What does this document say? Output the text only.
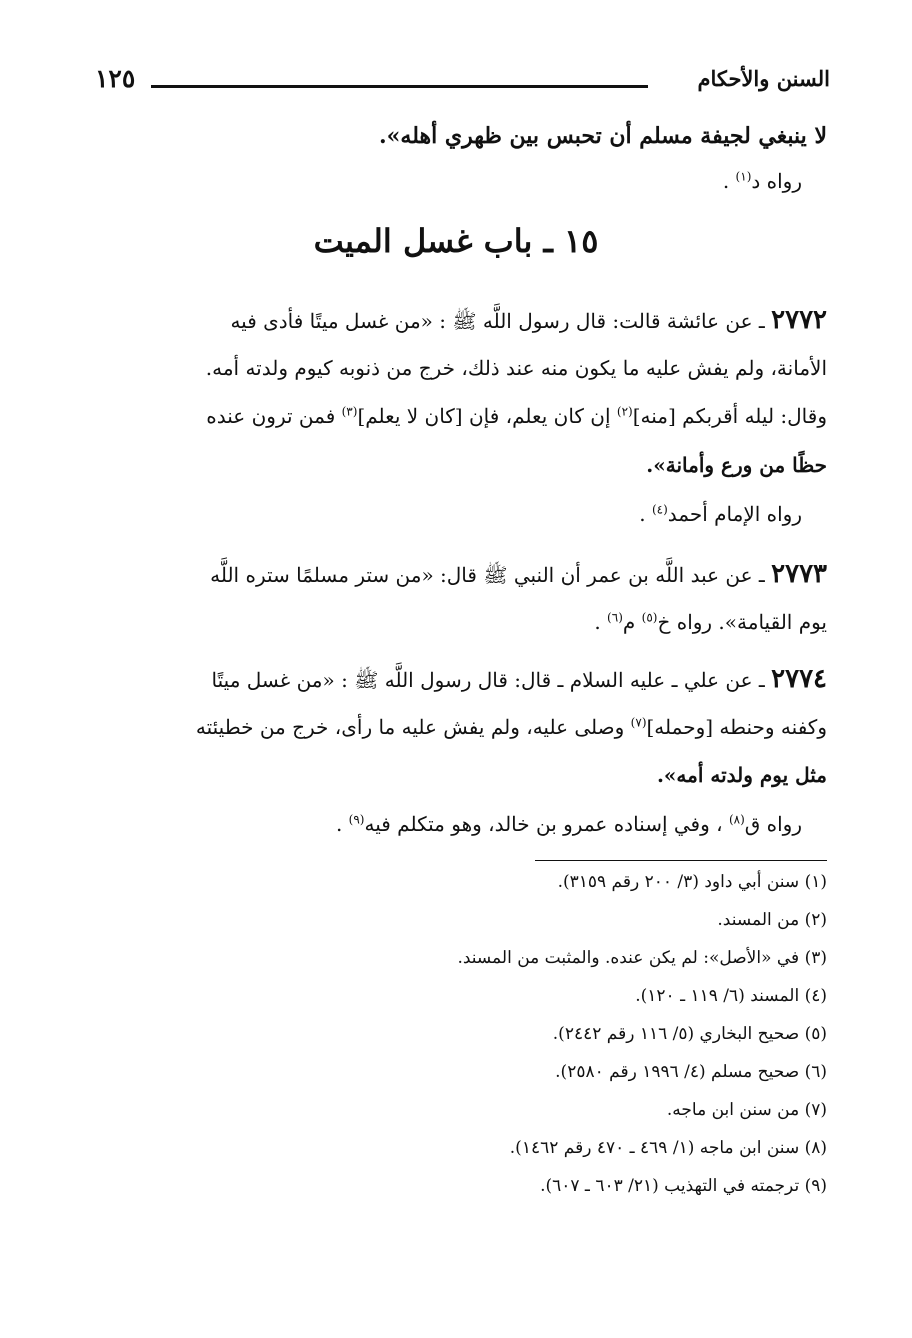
السنن والأحكام
١٢٥
لا ينبغي لجيفة مسلم أن تحبس بين ظهري أهله».
رواه د$^{(١)}$ .
١٥ ـ باب غسل الميت
٢٧٧٢ ـ عن عائشة قالت: قال رسول اللَّه ﷺ : «من غسل ميتًا فأدى فيه
الأمانة، ولم يفش عليه ما يكون منه عند ذلك، خرج من ذنوبه كيوم ولدته أمه.
وقال: ليله أقربكم [منه]$^{(٢)}$ إن كان يعلم، فإن [كان لا يعلم]$^{(٣)}$ فمن ترون عنده
حظًا من ورع وأمانة».
رواه الإمام أحمد$^{(٤)}$ .
٢٧٧٣ ـ عن عبد اللَّه بن عمر أن النبي ﷺ قال: «من ستر مسلمًا ستره اللَّه
يوم القيامة». رواه خ$^{(٥)}$ م$^{(٦)}$ .
٢٧٧٤ ـ عن علي ـ عليه السلام ـ قال: قال رسول اللَّه ﷺ : «من غسل ميتًا
وكفنه وحنطه [وحمله]$^{(٧)}$ وصلى عليه، ولم يفش عليه ما رأى، خرج من خطيئته
مثل يوم ولدته أمه».
رواه ق$^{(٨)}$ ، وفي إسناده عمرو بن خالد، وهو متكلم فيه$^{(٩)}$ .
(١) سنن أبي داود (٣/ ٢٠٠ رقم ٣١٥٩).
(٢) من المسند.
(٣) في «الأصل»: لم يكن عنده. والمثبت من المسند.
(٤) المسند (٦/ ١١٩ ـ ١٢٠).
(٥) صحيح البخاري (٥/ ١١٦ رقم ٢٤٤٢).
(٦) صحيح مسلم (٤/ ١٩٩٦ رقم ٢٥٨٠).
(٧) من سنن ابن ماجه.
(٨) سنن ابن ماجه (١/ ٤٦٩ ـ ٤٧٠ رقم ١٤٦٢).
(٩) ترجمته في التهذيب (٢١/ ٦٠٣ ـ ٦٠٧).
